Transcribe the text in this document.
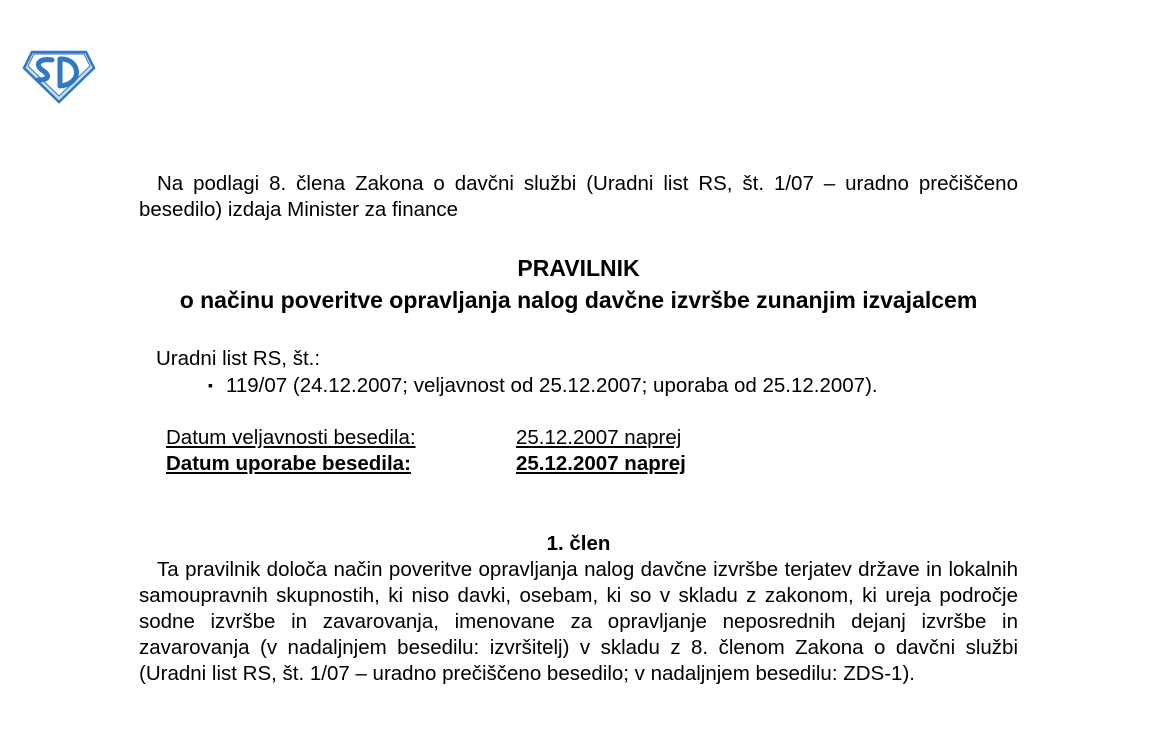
Na podlagi 8. člena Zakona o davčni službi (Uradni list RS, št. 1/07 – uradno prečiščeno besedilo) izdaja Minister za finance

PRAVILNIK
o načinu poveritve opravljanja nalog davčne izvršbe zunanjim izvajalcem
Uradni list RS, št.:
▪ 119/07 (24.12.2007; veljavnost od 25.12.2007; uporaba od 25.12.2007).
Datum veljavnosti besedila:	25.12.2007 naprej
Datum uporabe besedila:	25.12.2007 naprej
1. člen

Ta pravilnik določa način poveritve opravljanja nalog davčne izvršbe terjatev države in lokalnih samoupravnih skupnostih, ki niso davki, osebam, ki so v skladu z zakonom, ki ureja področje sodne izvršbe in zavarovanja, imenovane za opravljanje neposrednih dejanj izvršbe in zavarovanja (v nadaljnjem besedilu: izvršitelj) v skladu z 8. členom Zakona o davčni službi (Uradni list RS, št. 1/07 – uradno prečiščeno besedilo; v nadaljnjem besedilu: ZDS-1).
